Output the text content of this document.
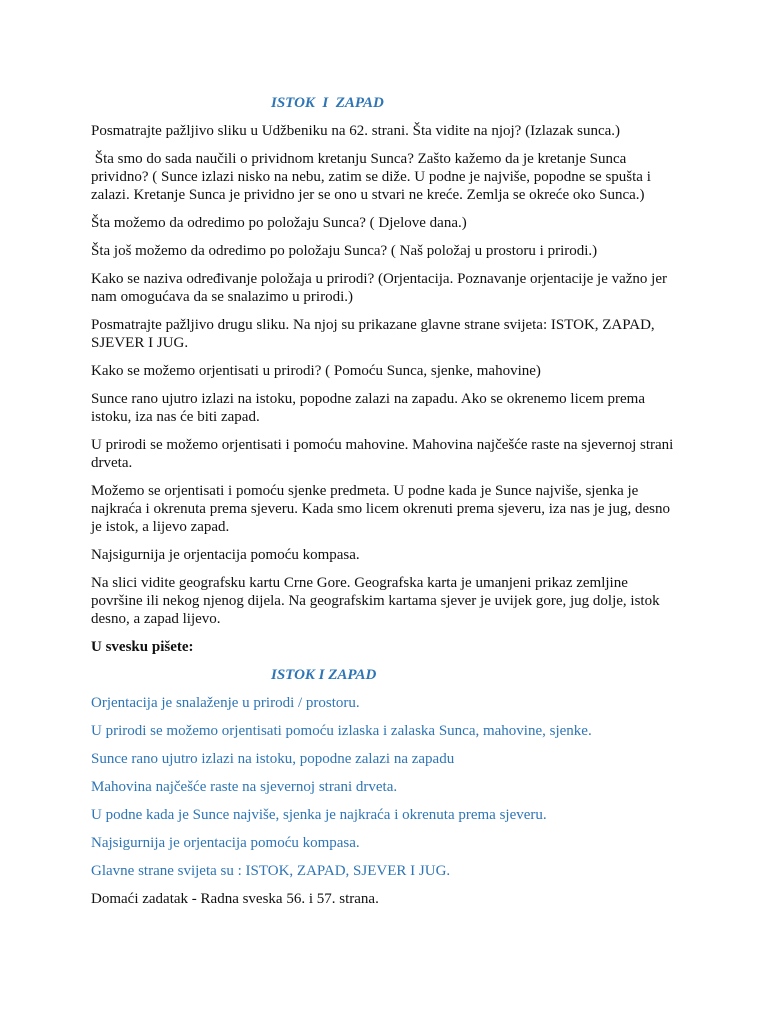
ISTOK  I  ZAPAD

Posmatrajte pažljivo sliku u Udžbeniku na 62. strani. Šta vidite na njoj? (Izlazak sunca.)

Šta smo do sada naučili o prividnom kretanju Sunca? Zašto kažemo da je kretanje Sunca prividno? ( Sunce izlazi nisko na nebu, zatim se diže. U podne je najviše, popodne se spušta i zalazi. Kretanje Sunca je prividno jer se ono u stvari ne kreće. Zemlja se okreće oko Sunca.)

Šta možemo da odredimo po položaju Sunca? ( Djelove dana.)

Šta još možemo da odredimo po položaju Sunca? ( Naš položaj u prostoru i prirodi.)

Kako se naziva određivanje položaja u prirodi? (Orjentacija. Poznavanje orjentacije je važno jer nam omogućava da se snalazimo u prirodi.)

Posmatrajte pažljivo drugu sliku. Na njoj su prikazane glavne strane svijeta: ISTOK, ZAPAD, SJEVER I JUG.

Kako se možemo orjentisati u prirodi? ( Pomoću Sunca, sjenke, mahovine)

Sunce rano ujutro izlazi na istoku, popodne zalazi na zapadu. Ako se okrenemo licem prema istoku, iza nas će biti zapad.

U prirodi se možemo orjentisati i pomoću mahovine. Mahovina najčešće raste na sjevernoj strani drveta.

Možemo se orjentisati i pomoću sjenke predmeta. U podne kada je Sunce najviše, sjenka je najkraća i okrenuta prema sjeveru. Kada smo licem okrenuti prema sjeveru, iza nas je jug, desno je istok, a lijevo zapad.

Najsigurnija je orjentacija pomoću kompasa.

Na slici vidite geografsku kartu Crne Gore. Geografska karta je umanjeni prikaz zemljine površine ili nekog njenog dijela. Na geografskim kartama sjever je uvijek gore, jug dolje, istok desno, a zapad lijevo.

U svesku pišete:

ISTOK I ZAPAD

Orjentacija je snalaženje u prirodi / prostoru.

U prirodi se možemo orjentisati pomoću izlaska i zalaska Sunca, mahovine, sjenke.

Sunce rano ujutro izlazi na istoku, popodne zalazi na zapadu

Mahovina najčešće raste na sjevernoj strani drveta.

U podne kada je Sunce najviše, sjenka je najkraća i okrenuta prema sjeveru.

Najsigurnija je orjentacija pomoću kompasa.

Glavne strane svijeta su : ISTOK, ZAPAD, SJEVER I JUG.

Domaći zadatak - Radna sveska 56. i 57. strana.
